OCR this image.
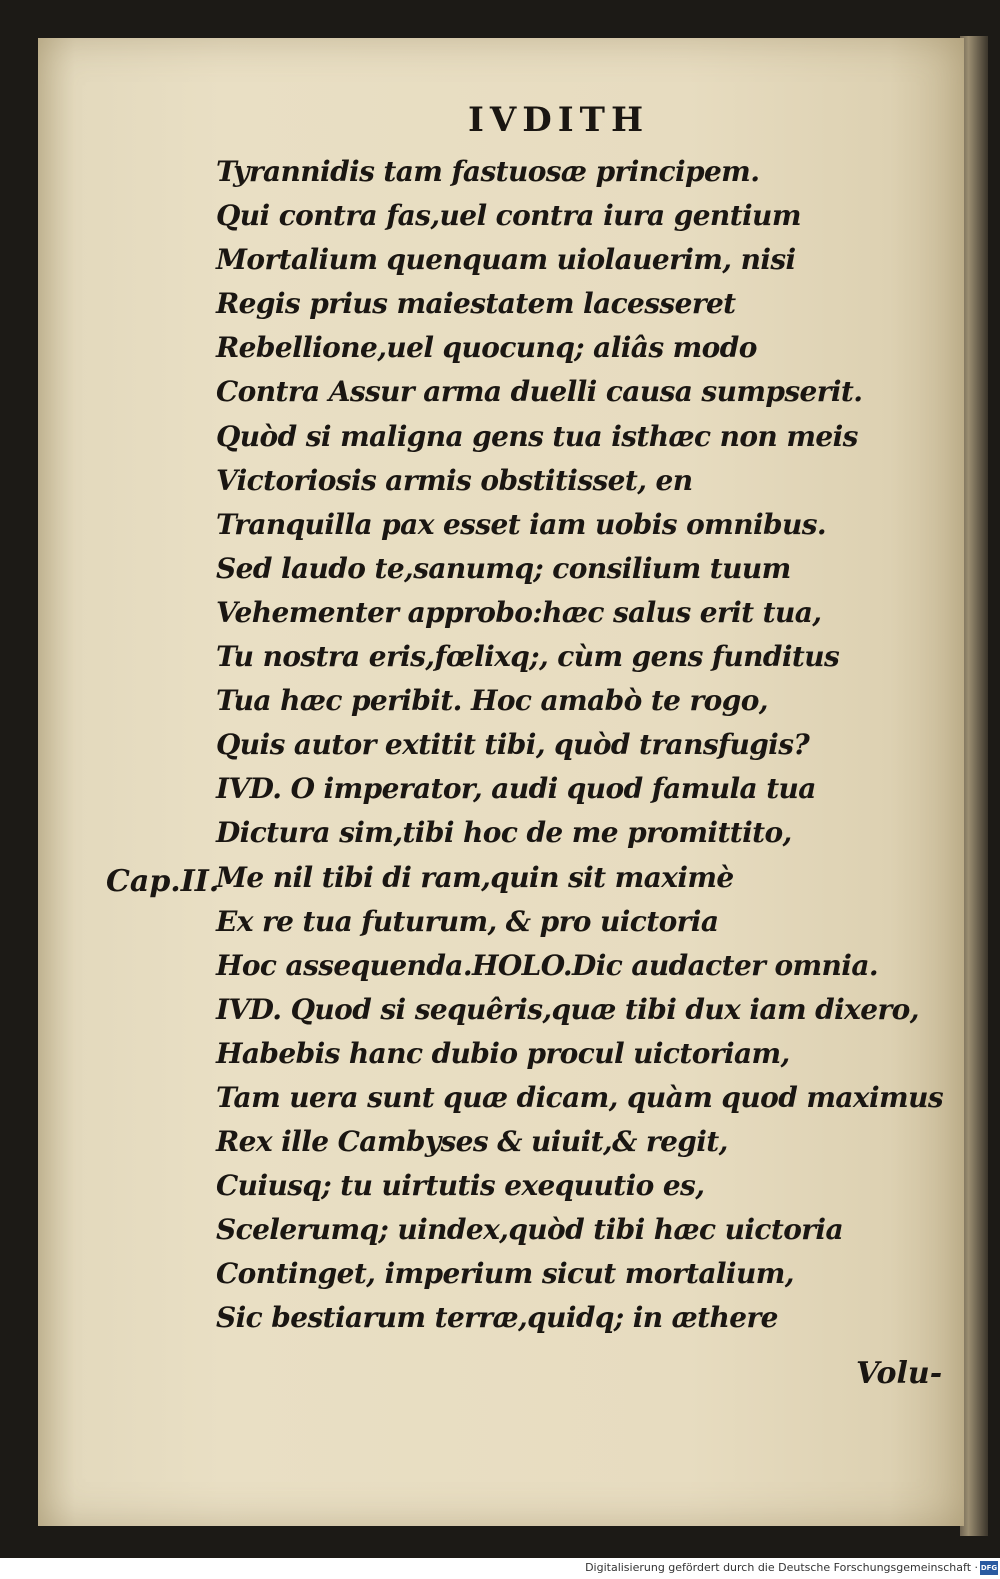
IVDITH
Cap.II.
Tyrannidis tam fastuosæ principem.
Qui contra fas,uel contra iura gentium
Mortalium quenquam uiolauerim, nisi
Regis prius maiestatem lacesseret
Rebellione,uel quocunq; aliâs modo
Contra Assur arma duelli causa sumpserit.
Quòd si maligna gens tua isthæc non meis
Victoriosis armis obstitisset, en
Tranquilla pax esset iam uobis omnibus.
Sed laudo te,sanumq; consilium tuum
Vehementer approbo:hæc salus erit tua,
Tu nostra eris,fœlixq;, cùm gens funditus
Tua hæc peribit. Hoc amabò te rogo,
Quis autor extitit tibi, quòd transfugis?
IVD. O imperator, audi quod famula tua
Dictura sim,tibi hoc de me promittito,
Me nil tibi di ram,quin sit maximè
Ex re tua futurum, & pro uictoria
Hoc assequenda.HOLO.Dic audacter omnia.
IVD. Quod si sequêris,quæ tibi dux iam dixero,
Habebis hanc dubio procul uictoriam,
Tam uera sunt quæ dicam, quàm quod maximus
Rex ille Cambyses & uiuit,& regit,
Cuiusq; tu uirtutis exequutio es,
Scelerumq; uindex,quòd tibi hæc uictoria
Continget, imperium sicut mortalium,
Sic bestiarum terræ,quidq; in æthere
Volu-
Digitalisierung gefördert durch die Deutsche Forschungsgemeinschaft · DFG
